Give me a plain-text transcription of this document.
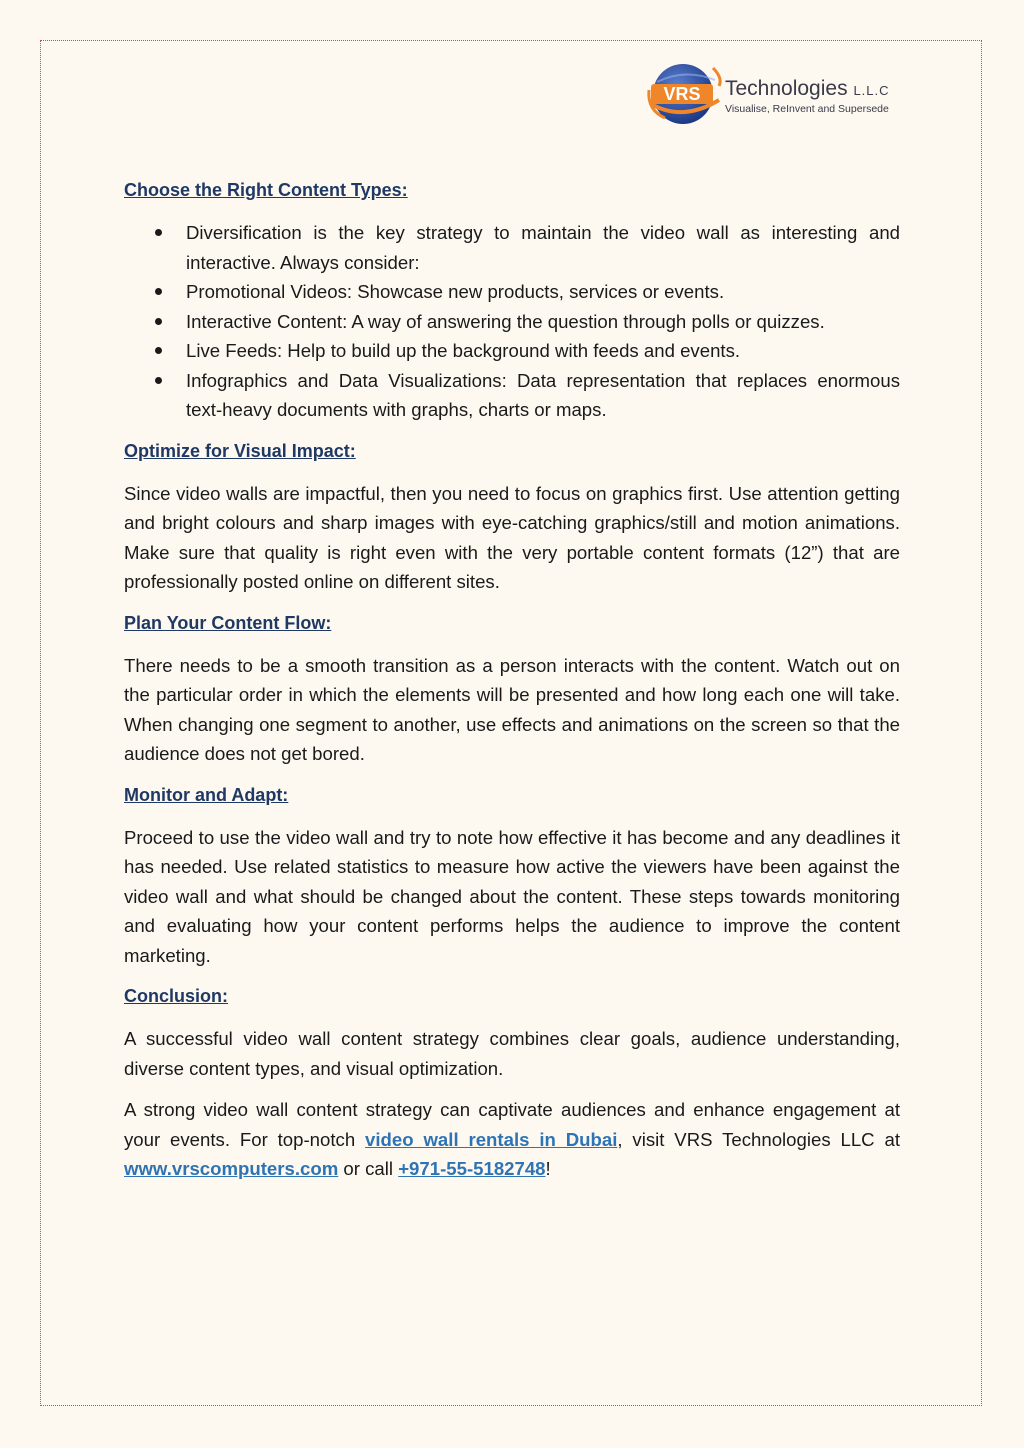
VRS Technologies L.L.C
Visualise, ReInvent and Supersede
Choose the Right Content Types:
Diversification is the key strategy to maintain the video wall as interesting and interactive. Always consider:
Promotional Videos: Showcase new products, services or events.
Interactive Content: A way of answering the question through polls or quizzes.
Live Feeds: Help to build up the background with feeds and events.
Infographics and Data Visualizations: Data representation that replaces enormous text-heavy documents with graphs, charts or maps.
Optimize for Visual Impact:

Since video walls are impactful, then you need to focus on graphics first. Use attention getting and bright colours and sharp images with eye-catching graphics/still and motion animations. Make sure that quality is right even with the very portable content formats (12”) that are professionally posted online on different sites.

Plan Your Content Flow:

There needs to be a smooth transition as a person interacts with the content. Watch out on the particular order in which the elements will be presented and how long each one will take. When changing one segment to another, use effects and animations on the screen so that the audience does not get bored.

Monitor and Adapt:

Proceed to use the video wall and try to note how effective it has become and any deadlines it has needed. Use related statistics to measure how active the viewers have been against the video wall and what should be changed about the content. These steps towards monitoring and evaluating how your content performs helps the audience to improve the content marketing.

Conclusion:

A successful video wall content strategy combines clear goals, audience understanding, diverse content types, and visual optimization.

A strong video wall content strategy can captivate audiences and enhance engagement at your events. For top-notch video wall rentals in Dubai, visit VRS Technologies LLC at www.vrscomputers.com or call +971-55-5182748!
